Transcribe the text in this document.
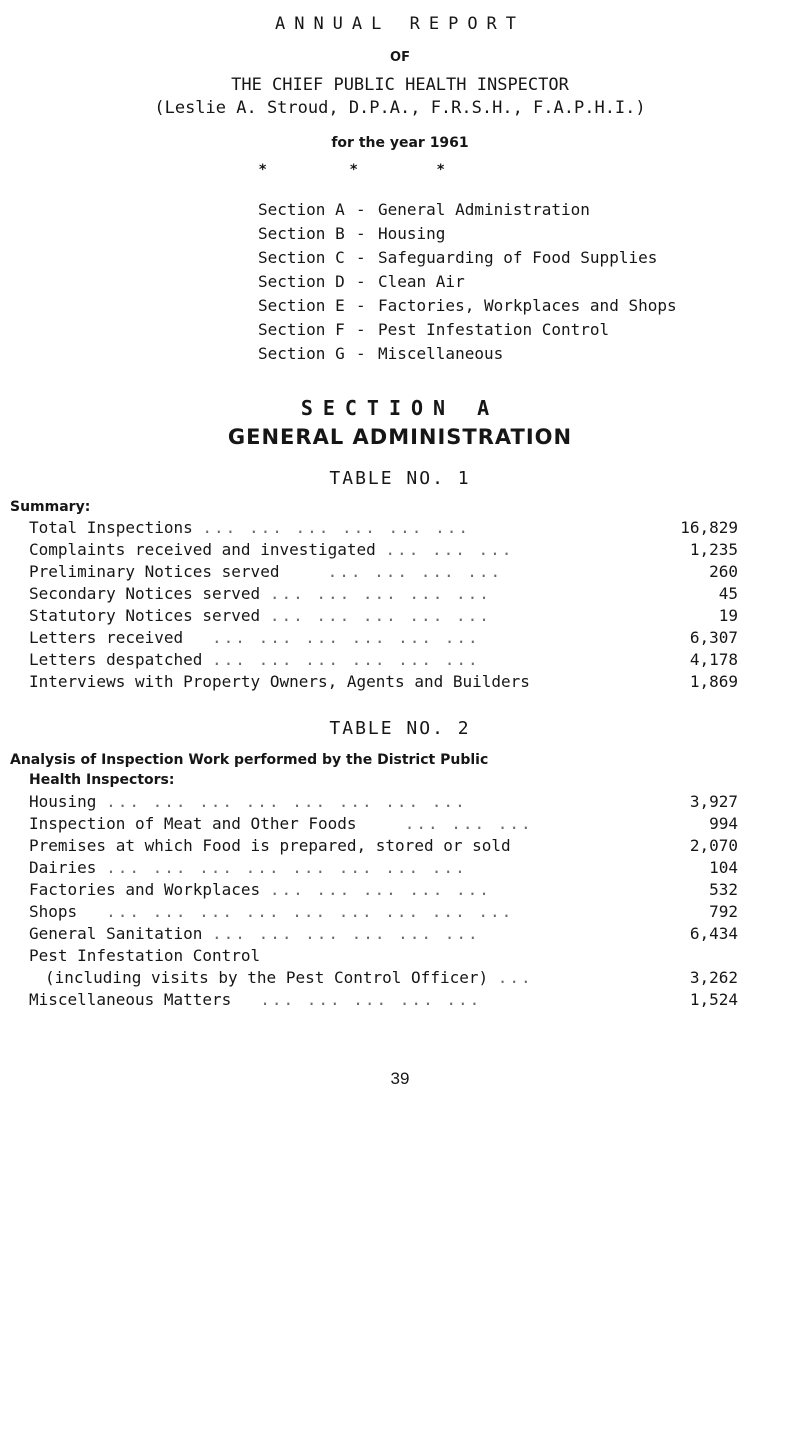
ANNUAL REPORT
OF
THE CHIEF PUBLIC HEALTH INSPECTOR
(Leslie A. Stroud, D.P.A., F.R.S.H., F.A.P.H.I.)
for the year 1961
*	*	*
Section A - General Administration
Section B - Housing
Section C - Safeguarding of Food Supplies
Section D - Clean Air
Section E - Factories, Workplaces and Shops
Section F - Pest Infestation Control
Section G - Miscellaneous
SECTION A
GENERAL ADMINISTRATION
TABLE NO. 1
Summary:
Total Inspections ... ... ... ... ... ...	16,829
Complaints received and investigated ... ... ...	1,235
Preliminary Notices served	... ... ... ...	260
Secondary Notices served ... ... ... ... ...	45
Statutory Notices served ... ... ... ... ...	19
Letters received ... ... ... ... ... ...	6,307
Letters despatched ... ... ... ... ... ...	4,178
Interviews with Property Owners, Agents and Builders	1,869
TABLE NO. 2
Analysis of Inspection Work performed by the District Public
Health Inspectors:
Housing ... ... ... ... ... ... ... ...	3,927
Inspection of Meat and Other Foods	... ... ...	994
Premises at which Food is prepared, stored or sold	2,070
Dairies ... ... ... ... ... ... ... ...	104
Factories and Workplaces ... ... ... ... ...	532
Shops ... ... ... ... ... ... ... ... ...	792
General Sanitation ... ... ... ... ... ...	6,434
Pest Infestation Control
(including visits by the Pest Control Officer) ...	3,262
Miscellaneous Matters ... ... ... ... ...	1,524
39
